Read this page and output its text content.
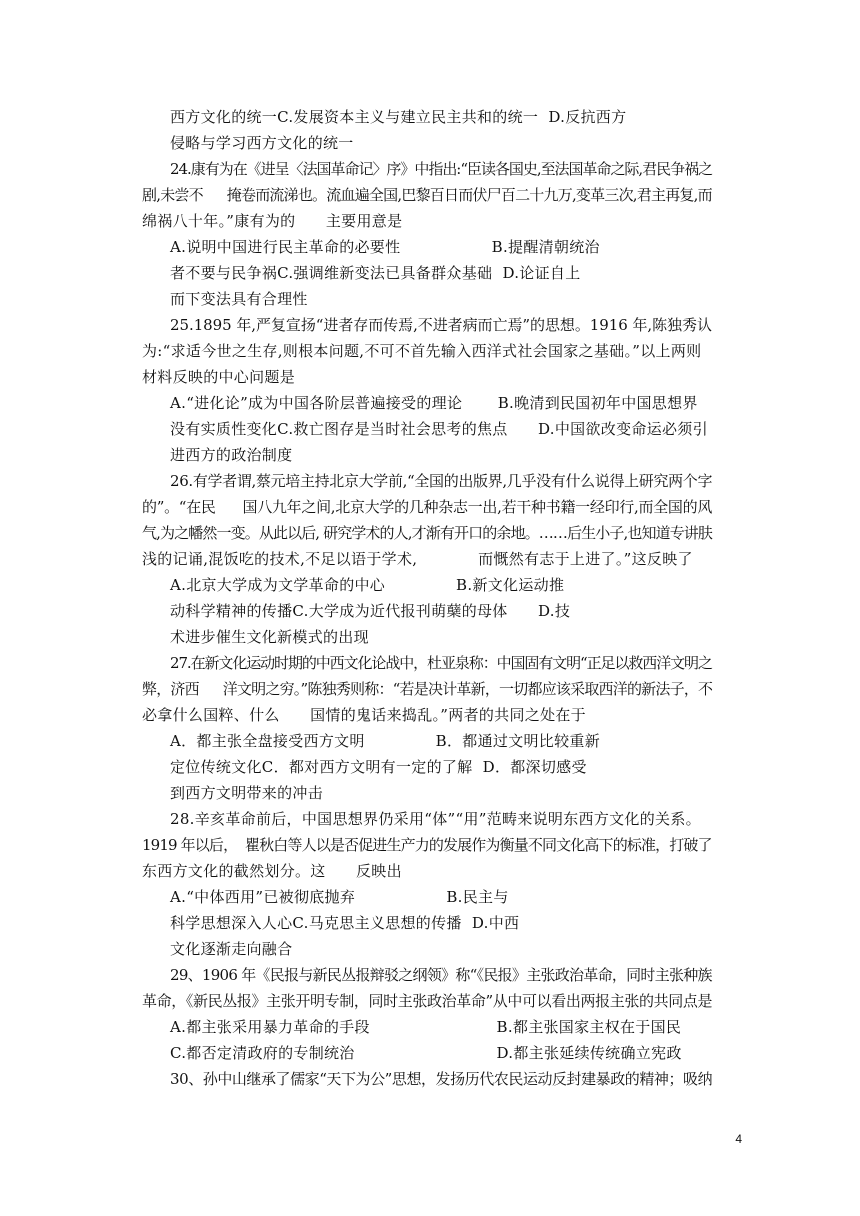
西方文化的统一C.发展资本主义与建立民主共和的统一  D.反抗西方
侵略与学习西方文化的统一
24.康有为在《进呈〈法国革命记〉序》中指出:“臣读各国史,至法国革命之际,君民争祸之
剧,未尝不      掩卷而流涕也。流血遍全国,巴黎百日而伏尸百二十九万,变革三次,君主再复,而
绵祸八十年。”康有为的      主要用意是
A.说明中国进行民主革命的必要性                  B.提醒清朝统治
者不要与民争祸C.强调维新变法已具备群众基础  D.论证自上
而下变法具有合理性
25.1895 年,严复宣扬“进者存而传焉,不进者病而亡焉”的思想。1916 年,陈独秀认
为:“求适今世之生存,则根本问题,不可不首先输入西洋式社会国家之基础。”以上两则
材料反映的中心问题是
A.“进化论”成为中国各阶层普遍接受的理论       B.晚清到民国初年中国思想界
没有实质性变化C.救亡图存是当时社会思考的焦点      D.中国欲改变命运必须引
进西方的政治制度
26.有学者谓,蔡元培主持北京大学前,“全国的出版界,几乎没有什么说得上研究两个字
的”。“在民      国八九年之间,北京大学的几种杂志一出,若干种书籍一经印行,而全国的风
气,为之幡然一变。从此以后, 研究学术的人,才渐有开口的余地。……后生小子,也知道专讲肤
浅的记诵,混饭吃的技术,不足以语于学术,            而慨然有志于上进了。”这反映了
A.北京大学成为文学革命的中心              B.新文化运动推
动科学精神的传播C.大学成为近代报刊萌蘖的母体      D.技
术进步催生文化新模式的出现
27.在新文化运动时期的中西文化论战中，杜亚泉称：中国固有文明“正足以救西洋文明之
弊，济西      洋文明之穷。”陈独秀则称：“若是决计革新，一切都应该采取西洋的新法子，不
必拿什么国粹、什么      国情的鬼话来捣乱。”两者的共同之处在于
A．都主张全盘接受西方文明              B．都通过文明比较重新
定位传统文化C．都对西方文明有一定的了解  D．都深切感受
到西方文明带来的冲击
28.辛亥革命前后，中国思想界仍采用“体”“用”范畴来说明东西方文化的关系。
1919 年以后，  瞿秋白等人以是否促进生产力的发展作为衡量不同文化高下的标准，打破了
东西方文化的截然划分。这      反映出
A.“中体西用”已被彻底抛弃                  B.民主与
科学思想深入人心C.马克思主义思想的传播  D.中西
文化逐渐走向融合
29、1906 年《民报与新民丛报辩驳之纲领》称“《民报》主张政治革命，同时主张种族
革命，《新民丛报》主张开明专制，同时主张政治革命”从中可以看出两报主张的共同点是
A.都主张采用暴力革命的手段                         B.都主张国家主权在于国民
C.都否定清政府的专制统治                            D.都主张延续传统确立宪政
30、孙中山继承了儒家“天下为公”思想，发扬历代农民运动反封建暴政的精神；吸纳
4
